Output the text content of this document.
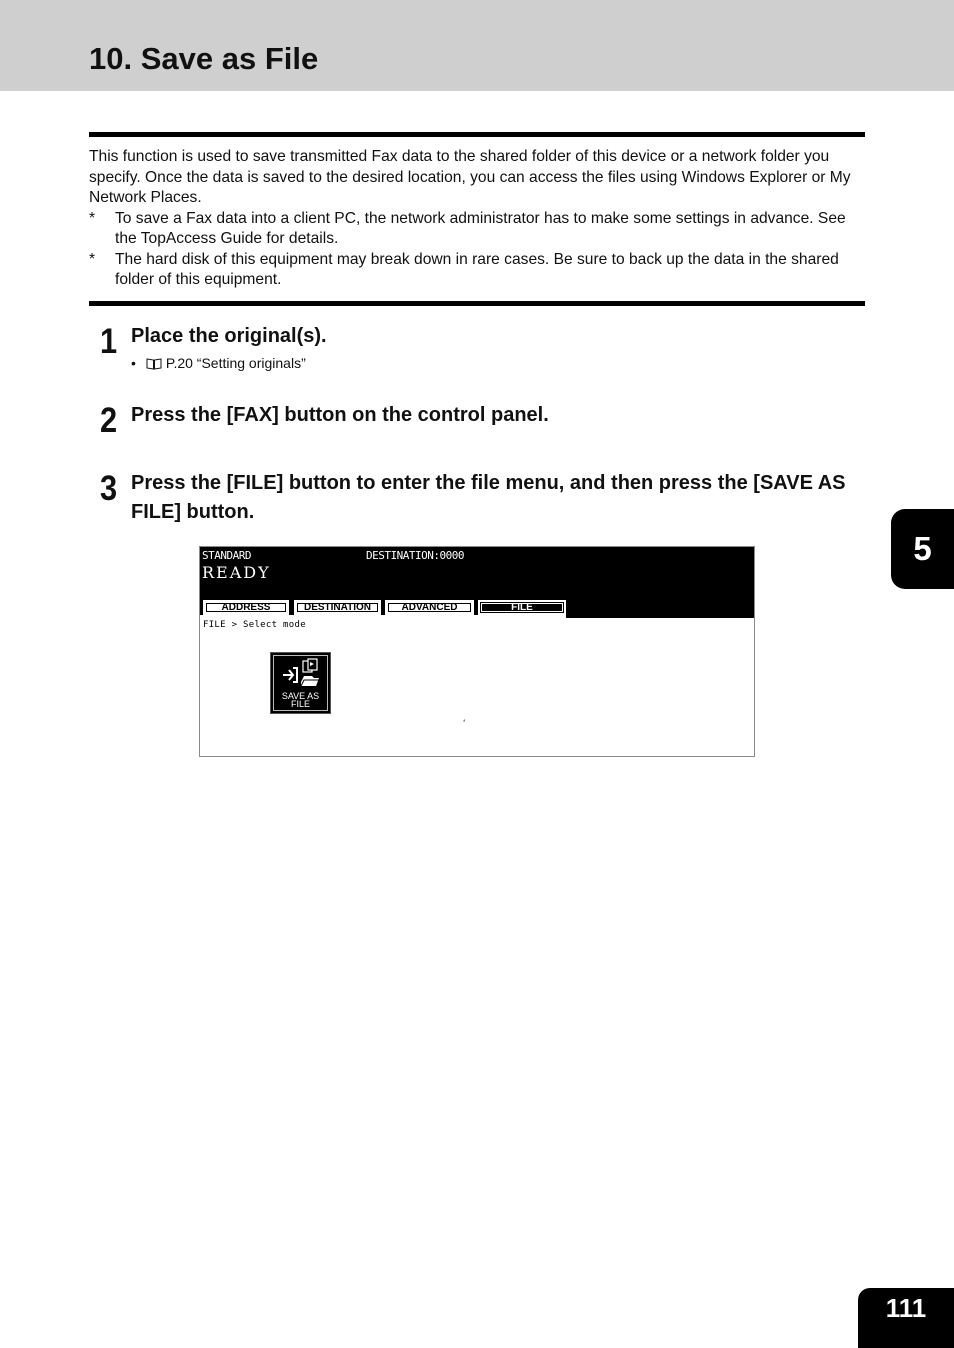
10. Save as File

This function is used to save transmitted Fax data to the shared folder of this device or a network folder you specify. Once the data is saved to the desired location, you can access the files using Windows Explorer or My Network Places.

* To save a Fax data into a client PC, the network administrator has to make some settings in advance. See the TopAccess Guide for details.

* The hard disk of this equipment may break down in rare cases. Be sure to back up the data in the shared folder of this equipment.

1 Place the original(s).
• P.20 “Setting originals”
2 Press the [FAX] button on the control panel.
3 Press the [FILE] button to enter the file menu, and then press the [SAVE AS FILE] button.
STANDARD	DESTINATION:0000
READY
ADDRESS	DESTINATION	ADVANCED	FILE
FILE > Select mode
SAVE AS
FILE
ʻ
5
111
